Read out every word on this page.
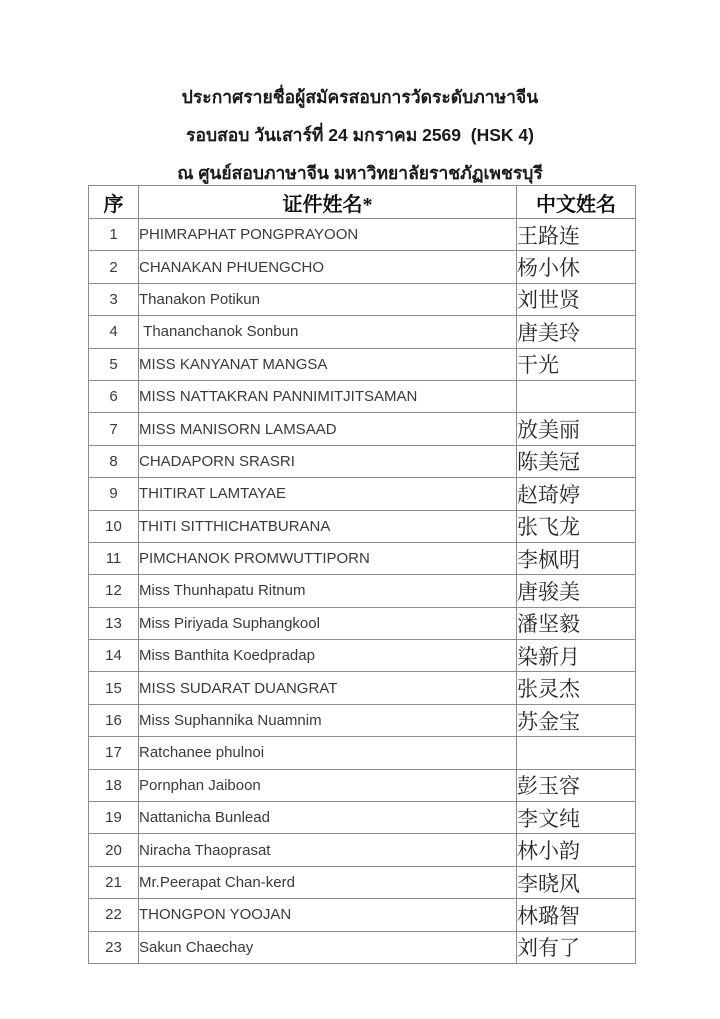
ประกาศรายชื่อผู้สมัครสอบการวัดระดับภาษาจีน
รอบสอบ วันเสาร์ที่ 24 มกราคม 2569  (HSK 4)
ณ ศูนย์สอบภาษาจีน มหาวิทยาลัยราชภัฏเพชรบุรี
序	证件姓名*	中文姓名
1	PHIMRAPHAT PONGPRAYOON	王路连
2	CHANAKAN PHUENGCHO	杨小休
3	Thanakon Potikun	刘世贤
4	Thananchanok Sonbun	唐美玲
5	MISS KANYANAT MANGSA	干光
6	MISS NATTAKRAN PANNIMITJITSAMAN	
7	MISS MANISORN LAMSAAD	放美丽
8	CHADAPORN SRASRI	陈美冠
9	THITIRAT LAMTAYAE	赵琦婷
10	THITI SITTHICHATBURANA	张飞龙
11	PIMCHANOK PROMWUTTIPORN	李枫明
12	Miss Thunhapatu Ritnum	唐骏美
13	Miss Piriyada Suphangkool	潘坚毅
14	Miss Banthita Koedpradap	染新月
15	MISS SUDARAT DUANGRAT	张灵杰
16	Miss Suphannika Nuamnim	苏金宝
17	Ratchanee phulnoi	
18	Pornphan Jaiboon	彭玉容
19	Nattanicha Bunlead	李文纯
20	Niracha Thaoprasat	林小韵
21	Mr.Peerapat Chan-kerd	李晓风
22	THONGPON YOOJAN	林璐智
23	Sakun Chaechay	刘有了
